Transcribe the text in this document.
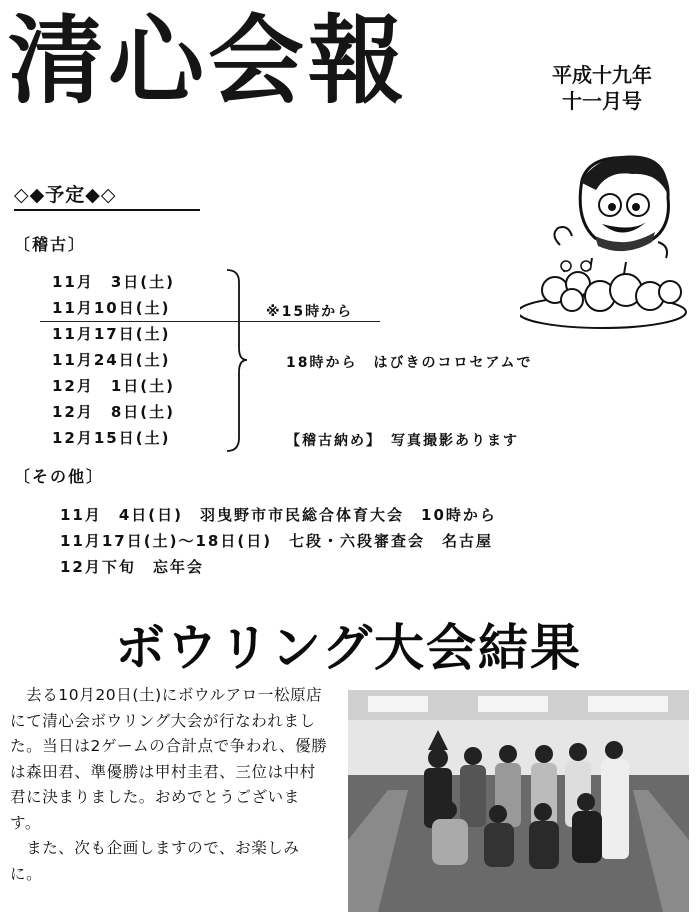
清心会報	平成十九年
十一月号
◇◆予定◆◇
〔稽古〕
11月　3日(土)
11月10日(土)
11月17日(土)
11月24日(土)
12月　1日(土)
12月　8日(土)
12月15日(土)
※15時から
18時から　はびきのコロセアムで
【稽古納め】　写真撮影あります
〔その他〕
11月　4日(日)　羽曳野市市民総合体育大会　10時から
11月17日(土)～18日(日)　七段・六段審査会　名古屋
12月下旬　忘年会
ボウリング大会結果

　去る10月20日(土)にボウルアロ一松原店にて清心会ボウリング大会が行なわれました。当日は2ゲームの合計点で争われ、優勝は森田君、準優勝は甲村圭君、三位は中村君に決まりました。おめでとうございます。

　また、次も企画しますので、お楽しみに。
